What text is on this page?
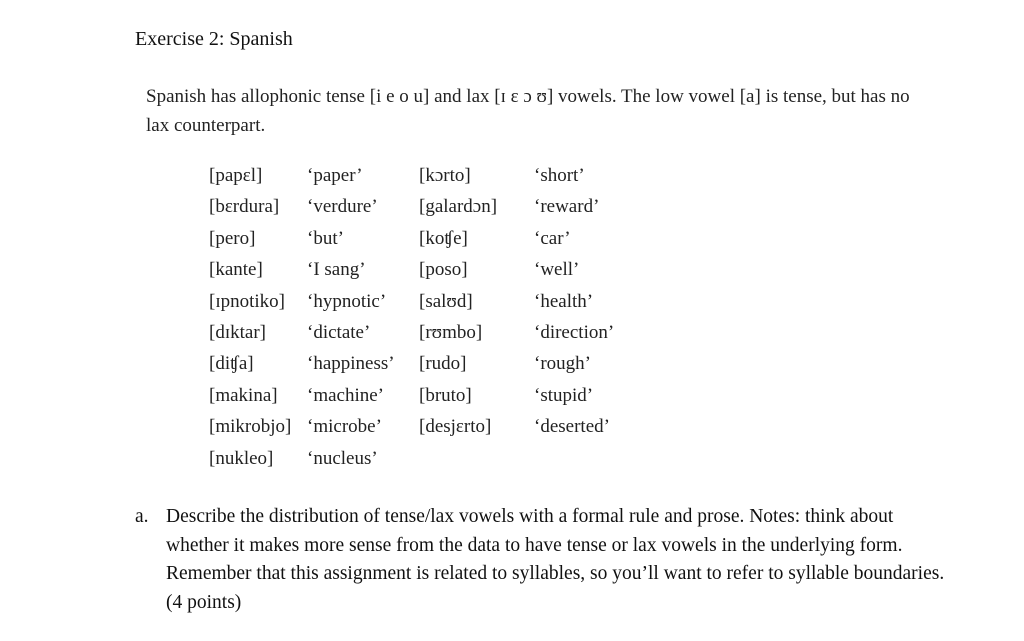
Exercise 2: Spanish
Spanish has allophonic tense [i e o u] and lax [ɪ ɛ ɔ ʊ] vowels. The low vowel [a] is tense, but has no lax counterpart.
[papɛl] ‘paper’	[kɔrto]	‘short’
[bɛrdura] ‘verdure’ [galardɔn] ‘reward’
[pero]	‘but’	[koʧe]	‘car’
[kante] ‘I sang’	[poso]	‘well’
[ɪpnotiko] ‘hypnotic’ [salʊd]	‘health’
[dɪktar] ‘dictate’	[rʊmbo]	‘direction’
[diʧa]	‘happiness’ [rudo]	‘rough’
[makina] ‘machine’ [bruto]	‘stupid’
[mikrobjo] ‘microbe’ [desjɛrto] ‘deserted’
[nukleo] ‘nucleus’
a. Describe the distribution of tense/lax vowels with a formal rule and prose. Notes: think about whether it makes more sense from the data to have tense or lax vowels in the underlying form. Remember that this assignment is related to syllables, so you’ll want to refer to syllable boundaries. (4 points)
